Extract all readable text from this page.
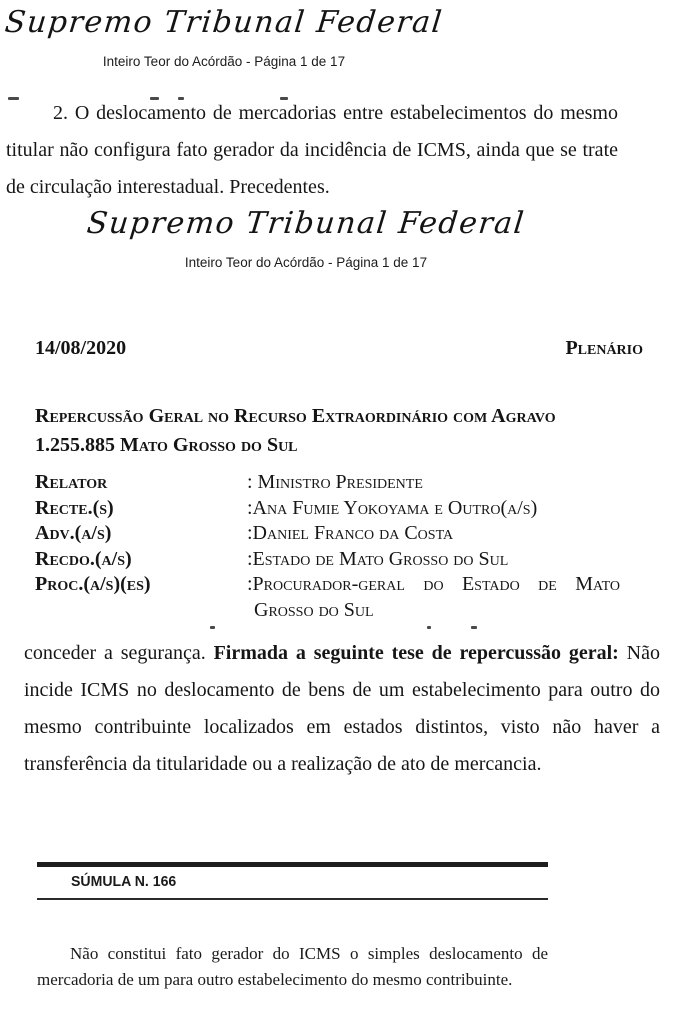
Supremo Tribunal Federal
Inteiro Teor do Acórdão - Página 1 de 17

2. O deslocamento de mercadorias entre estabelecimentos do mesmo titular não configura fato gerador da incidência de ICMS, ainda que se trate de circulação interestadual. Precedentes.

Supremo Tribunal Federal
Inteiro Teor do Acórdão - Página 1 de 17
14/08/2020	Plenário
Repercussão Geral no Recurso Extraordinário com Agravo 1.255.885 Mato Grosso do Sul
Relator	: Ministro Presidente
Recte.(s)	:Ana Fumie Yokoyama e Outro(a/s)
Adv.(a/s)	:Daniel Franco da Costa
Recdo.(a/s)	:Estado de Mato Grosso do Sul
Proc.(a/s)(es)	:Procurador-geral do Estado de Mato
Grosso do Sul

conceder a segurança. Firmada a seguinte tese de repercussão geral: Não incide ICMS no deslocamento de bens de um estabelecimento para outro do mesmo contribuinte localizados em estados distintos, visto não haver a transferência da titularidade ou a realização de ato de mercancia.

SÚMULA N. 166

Não constitui fato gerador do ICMS o simples deslocamento de mercadoria de um para outro estabelecimento do mesmo contribuinte.
